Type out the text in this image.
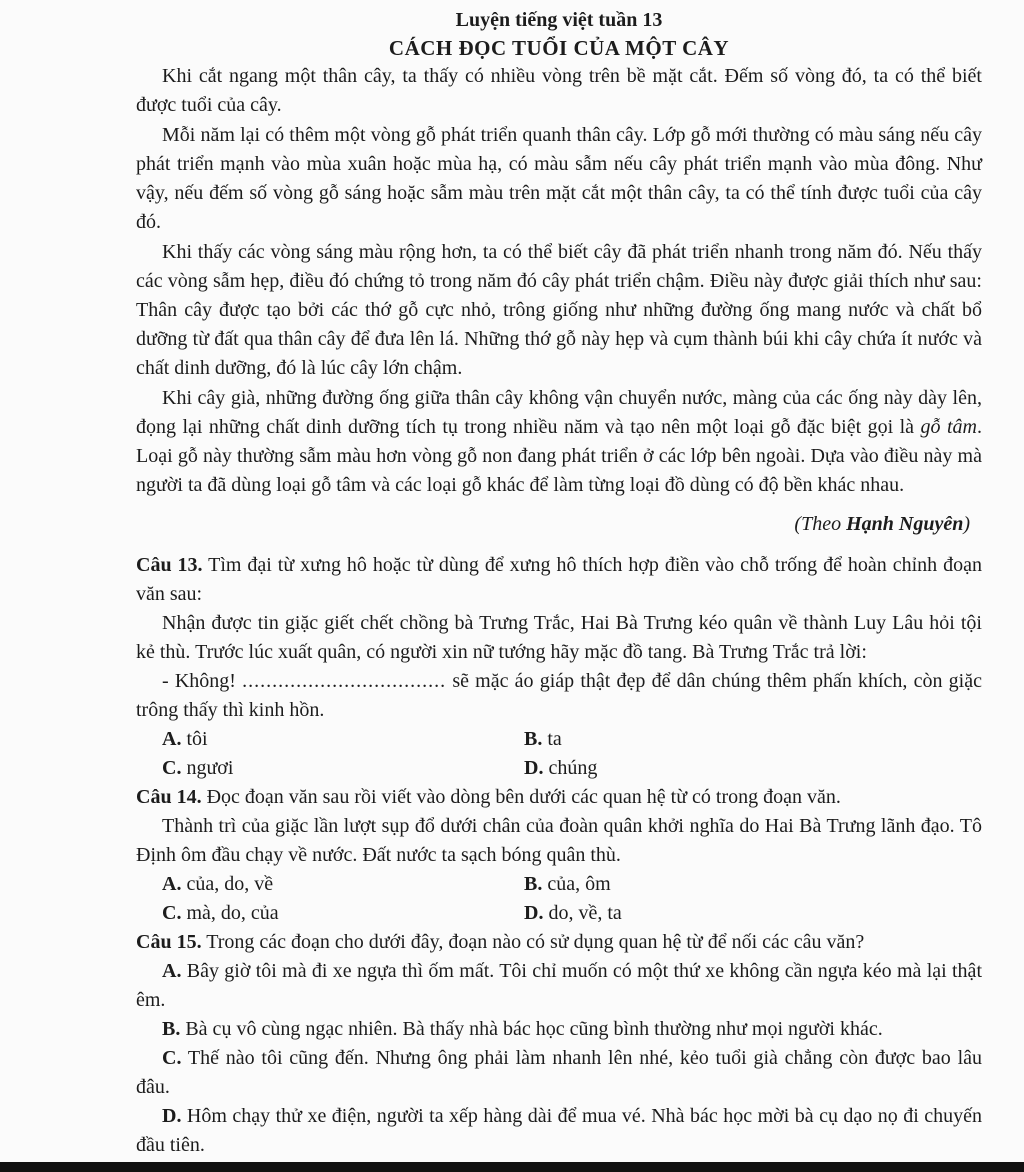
Luyện tiếng việt tuần 13
CÁCH ĐỌC TUỔI CỦA MỘT CÂY

Khi cắt ngang một thân cây, ta thấy có nhiều vòng trên bề mặt cắt. Đếm số vòng đó, ta có thể biết được tuổi của cây.

Mỗi năm lại có thêm một vòng gỗ phát triển quanh thân cây. Lớp gỗ mới thường có màu sáng nếu cây phát triển mạnh vào mùa xuân hoặc mùa hạ, có màu sẫm nếu cây phát triển mạnh vào mùa đông. Như vậy, nếu đếm số vòng gỗ sáng hoặc sẫm màu trên mặt cắt một thân cây, ta có thể tính được tuổi của cây đó.

Khi thấy các vòng sáng màu rộng hơn, ta có thể biết cây đã phát triển nhanh trong năm đó. Nếu thấy các vòng sẫm hẹp, điều đó chứng tỏ trong năm đó cây phát triển chậm. Điều này được giải thích như sau: Thân cây được tạo bởi các thớ gỗ cực nhỏ, trông giống như những đường ống mang nước và chất bổ dưỡng từ đất qua thân cây để đưa lên lá. Những thớ gỗ này hẹp và cụm thành búi khi cây chứa ít nước và chất dinh dưỡng, đó là lúc cây lớn chậm.

Khi cây già, những đường ống giữa thân cây không vận chuyển nước, màng của các ống này dày lên, đọng lại những chất dinh dưỡng tích tụ trong nhiều năm và tạo nên một loại gỗ đặc biệt gọi là gỗ tâm. Loại gỗ này thường sẫm màu hơn vòng gỗ non đang phát triển ở các lớp bên ngoài. Dựa vào điều này mà người ta đã dùng loại gỗ tâm và các loại gỗ khác để làm từng loại đồ dùng có độ bền khác nhau.

(Theo Hạnh Nguyên)
Câu 13. Tìm đại từ xưng hô hoặc từ dùng để xưng hô thích hợp điền vào chỗ trống để hoàn chỉnh đoạn văn sau:
Nhận được tin giặc giết chết chồng bà Trưng Trắc, Hai Bà Trưng kéo quân về thành Luy Lâu hỏi tội kẻ thù. Trước lúc xuất quân, có người xin nữ tướng hãy mặc đồ tang. Bà Trưng Trắc trả lời:
- Không! .................................. sẽ mặc áo giáp thật đẹp để dân chúng thêm phấn khích, còn giặc trông thấy thì kinh hồn.
A. tôi	B. ta
C. ngươi	D. chúng
Câu 14. Đọc đoạn văn sau rồi viết vào dòng bên dưới các quan hệ từ có trong đoạn văn.
Thành trì của giặc lần lượt sụp đổ dưới chân của đoàn quân khởi nghĩa do Hai Bà Trưng lãnh đạo. Tô Định ôm đầu chạy về nước. Đất nước ta sạch bóng quân thù.
A. của, do, về	B. của, ôm
C. mà, do, của	D. do, về, ta
Câu 15. Trong các đoạn cho dưới đây, đoạn nào có sử dụng quan hệ từ để nối các câu văn?
A. Bây giờ tôi mà đi xe ngựa thì ốm mất. Tôi chỉ muốn có một thứ xe không cần ngựa kéo mà lại thật êm.
B. Bà cụ vô cùng ngạc nhiên. Bà thấy nhà bác học cũng bình thường như mọi người khác.
C. Thế nào tôi cũng đến. Nhưng ông phải làm nhanh lên nhé, kẻo tuổi già chẳng còn được bao lâu đâu.
D. Hôm chạy thử xe điện, người ta xếp hàng dài để mua vé. Nhà bác học mời bà cụ dạo nọ đi chuyến đầu tiên.
